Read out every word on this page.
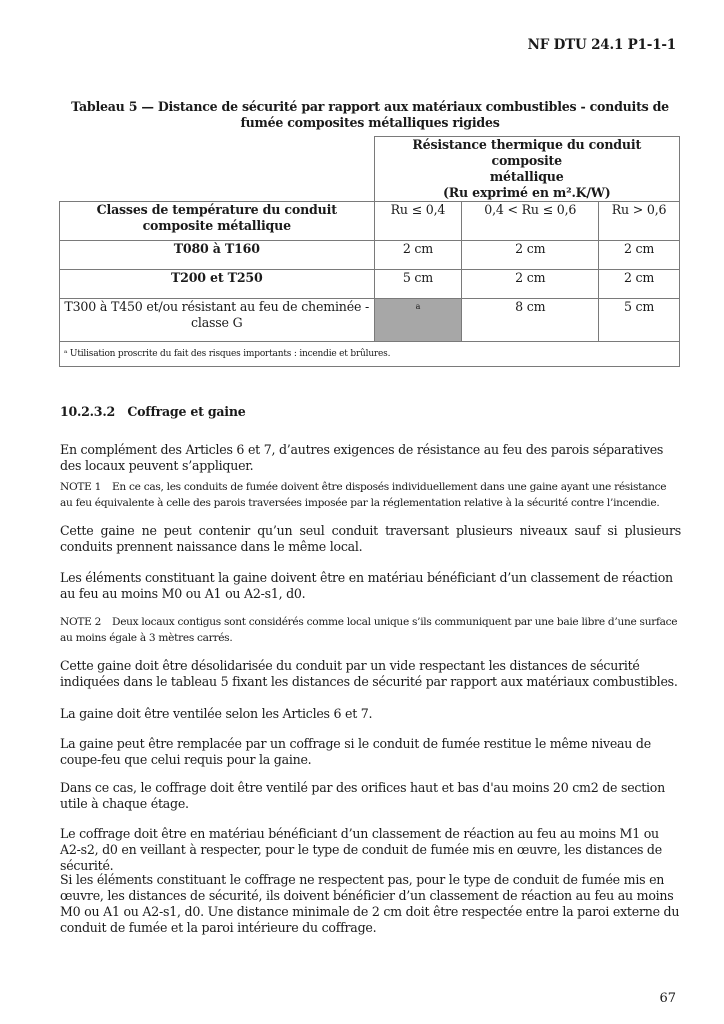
NF DTU 24.1 P1-1-1
Tableau 5 — Distance de sécurité par rapport aux matériaux combustibles - conduits de fumée composites métalliques rigides

	Résistance thermique du conduit composite
métallique
(Ru exprimé en m².K/W)		

Classes de température du conduit composite métallique	Ru ≤ 0,4	0,4 < Ru ≤ 0,6	Ru > 0,6
T080 à T160	2 cm	2 cm	2 cm
T200 et T250	5 cm	2 cm	2 cm
T300 à T450 et/ou résistant au feu de cheminée - classe G	a	8 cm	5 cm
ᵃ Utilisation proscrite du fait des risques importants : incendie et brûlures.			
10.2.3.2 Coffrage et gaine
En complément des Articles 6 et 7, d’autres exigences de résistance au feu des parois séparatives des locaux peuvent s’appliquer.
NOTE 1 En ce cas, les conduits de fumée doivent être disposés individuellement dans une gaine ayant une résistance au feu équivalente à celle des parois traversées imposée par la réglementation relative à la sécurité contre l’incendie.
Cette gaine ne peut contenir qu’un seul conduit traversant plusieurs niveaux sauf si plusieurs conduits prennent naissance dans le même local.
Les éléments constituant la gaine doivent être en matériau bénéficiant d’un classement de réaction au feu au moins M0 ou A1 ou A2-s1, d0.
NOTE 2 Deux locaux contigus sont considérés comme local unique s’ils communiquent par une baie libre d’une surface au moins égale à 3 mètres carrés.
Cette gaine doit être désolidarisée du conduit par un vide respectant les distances de sécurité indiquées dans le tableau 5 fixant les distances de sécurité par rapport aux matériaux combustibles.
La gaine doit être ventilée selon les Articles 6 et 7.
La gaine peut être remplacée par un coffrage si le conduit de fumée restitue le même niveau de coupe-feu que celui requis pour la gaine.
Dans ce cas, le coffrage doit être ventilé par des orifices haut et bas d'au moins 20 cm2 de section utile à chaque étage.
Le coffrage doit être en matériau bénéficiant d’un classement de réaction au feu au moins M1 ou A2-s2, d0 en veillant à respecter, pour le type de conduit de fumée mis en œuvre, les distances de sécurité.
Si les éléments constituant le coffrage ne respectent pas, pour le type de conduit de fumée mis en œuvre, les distances de sécurité, ils doivent bénéficier d’un classement de réaction au feu au moins M0 ou A1 ou A2-s1, d0. Une distance minimale de 2 cm doit être respectée entre la paroi externe du conduit de fumée et la paroi intérieure du coffrage.
67
